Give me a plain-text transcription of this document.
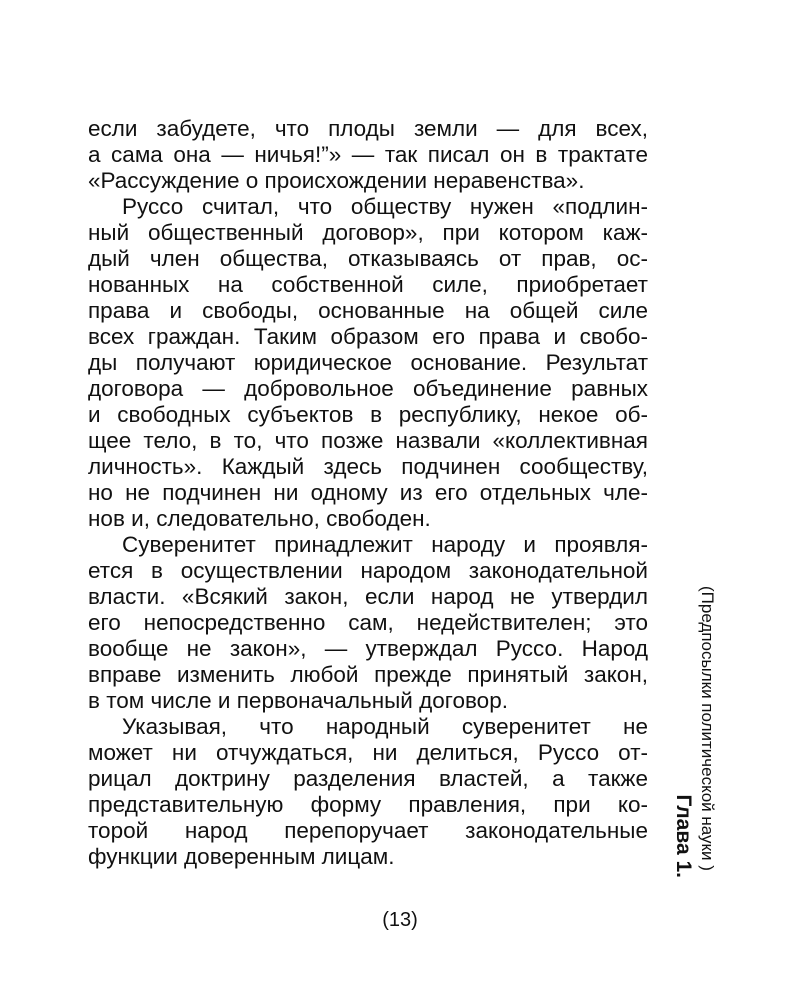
если забудете, что плоды земли — для всех,
а сама она — ничья!”» — так писал он в трактате
«Рассуждение о происхождении неравенства».
Руссо считал, что обществу нужен «подлин-
ный общественный договор», при котором каж-
дый член общества, отказываясь от прав, ос-
нованных на собственной силе, приобретает
права и свободы, основанные на общей силе
всех граждан. Таким образом его права и свобо-
ды получают юридическое основание. Результат
договора — добровольное объединение равных
и свободных субъектов в республику, некое об-
щее тело, в то, что позже назвали «коллективная
личность». Каждый здесь подчинен сообществу,
но не подчинен ни одному из его отдельных чле-
нов и, следовательно, свободен.
Суверенитет принадлежит народу и проявля-
ется в осуществлении народом законодательной
власти. «Всякий закон, если народ не утвердил
его непосредственно сам, недействителен; это
вообще не закон», — утверждал Руссо. Народ
вправе изменить любой прежде принятый закон,
в том числе и первоначальный договор.
Указывая, что народный суверенитет не
может ни отчуждаться, ни делиться, Руссо от-
рицал доктрину разделения властей, а также
представительную форму правления, при ко-
торой народ перепоручает законодательные
функции доверенным лицам.	(Предпосылки политической науки )
Глава 1.
(13)
